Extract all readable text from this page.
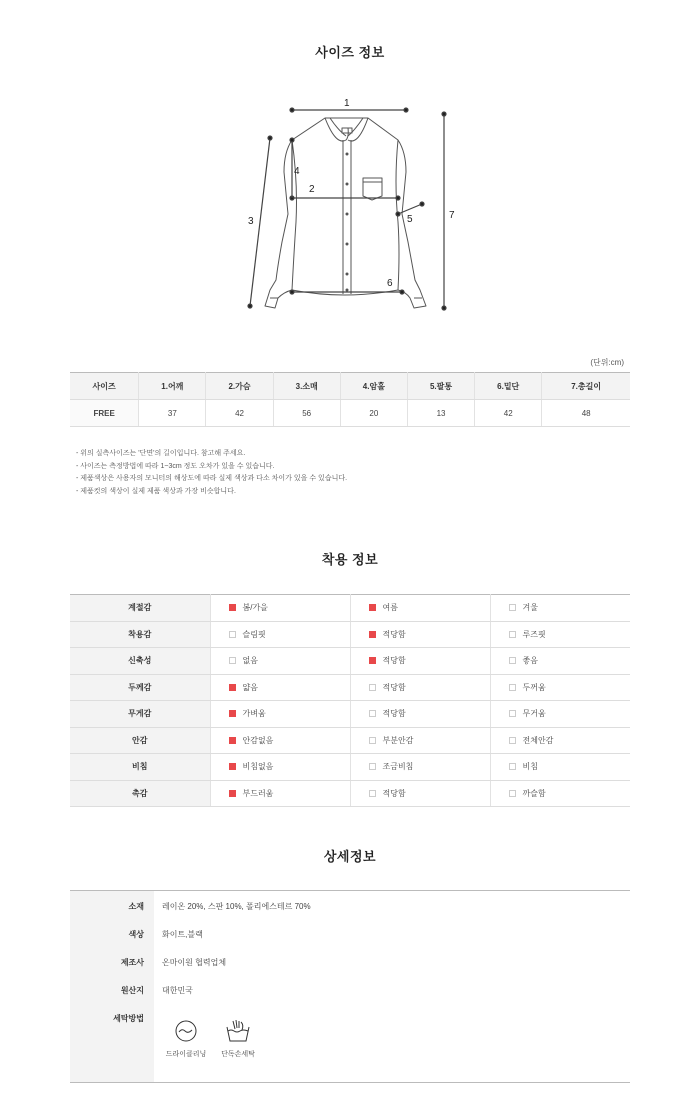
사이즈 정보
1
2
3
4
5
6
7
(단위:cm)
사이즈	1.어깨	2.가슴	3.소매	4.암홀	5.팔통	6.밑단	7.총길이
FREE	37	42	56	20	13	42	48
- 위의 실측사이즈는 '단면'의 길이입니다. 참고해 주세요.
- 사이즈는 측정방법에 따라 1~3cm 정도 오차가 있을 수 있습니다.
- 제품색상은 사용자의 모니터의 해상도에 따라 실제 색상과 다소 차이가 있을 수 있습니다.
- 제품컷의 색상이 실제 제품 색상과 가장 비슷합니다.
착용 정보
계절감	봄/가을	여름	겨울
착용감	슬림핏	적당함	루즈핏
신축성	없음	적당함	좋음
두께감	얇음	적당함	두꺼움
무게감	가벼움	적당함	무거움
안감	안감없음	부분안감	전체안감
비침	비침없음	조금비침	비침
촉감	부드러움	적당함	까슬함
상세정보
소재 레이온 20%, 스판 10%, 폴리에스테르 70%
색상 화이트,블랙
제조사 온마이원 협력업체
원산지 대한민국
세탁방법
드라이클리닝	단독손세탁
